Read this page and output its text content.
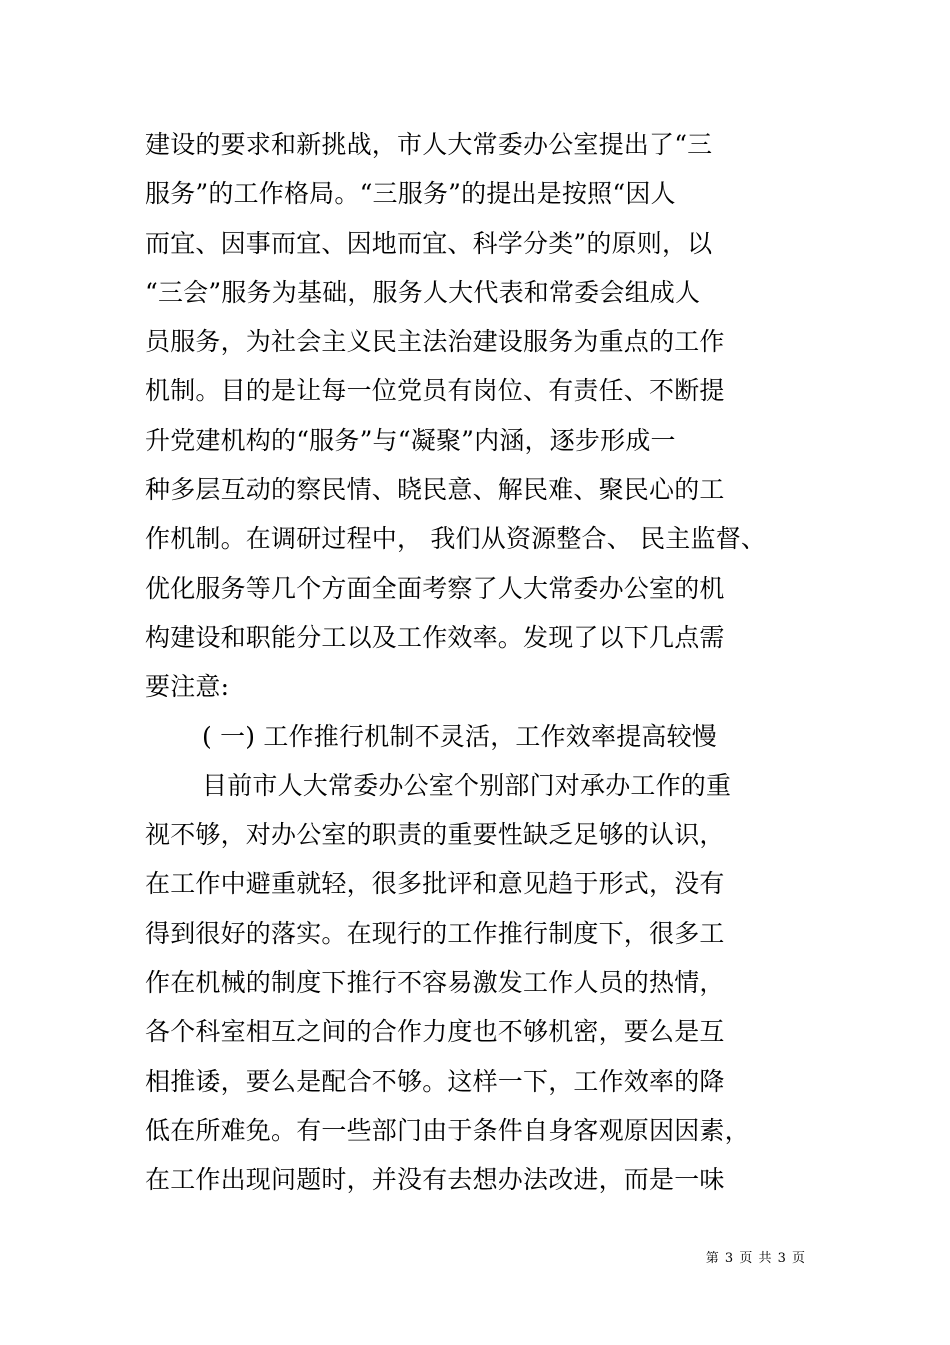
建设的要求和新挑战，市人大常委办公室提出了“三
服务”的工作格局。“三服务”的提出是按照“因人
而宜、因事而宜、因地而宜、科学分类”的原则，以
“三会”服务为基础，服务人大代表和常委会组成人
员服务，为社会主义民主法治建设服务为重点的工作
机制。目的是让每一位党员有岗位、有责任、不断提
升党建机构的“服务”与“凝聚”内涵，逐步形成一
种多层互动的察民情、晓民意、解民难、聚民心的工
作机制。在调研过程中， 我们从资源整合、 民主监督、
优化服务等几个方面全面考察了人大常委办公室的机
构建设和职能分工以及工作效率。发现了以下几点需
要注意:
( 一) 工作推行机制不灵活，工作效率提高较慢
目前市人大常委办公室个别部门对承办工作的重
视不够，对办公室的职责的重要性缺乏足够的认识，
在工作中避重就轻，很多批评和意见趋于形式，没有
得到很好的落实。在现行的工作推行制度下，很多工
作在机械的制度下推行不容易激发工作人员的热情，
各个科室相互之间的合作力度也不够机密，要么是互
相推诿，要么是配合不够。这样一下，工作效率的降
低在所难免。有一些部门由于条件自身客观原因因素，
在工作出现问题时，并没有去想办法改进，而是一味
第 3 页 共 3 页
